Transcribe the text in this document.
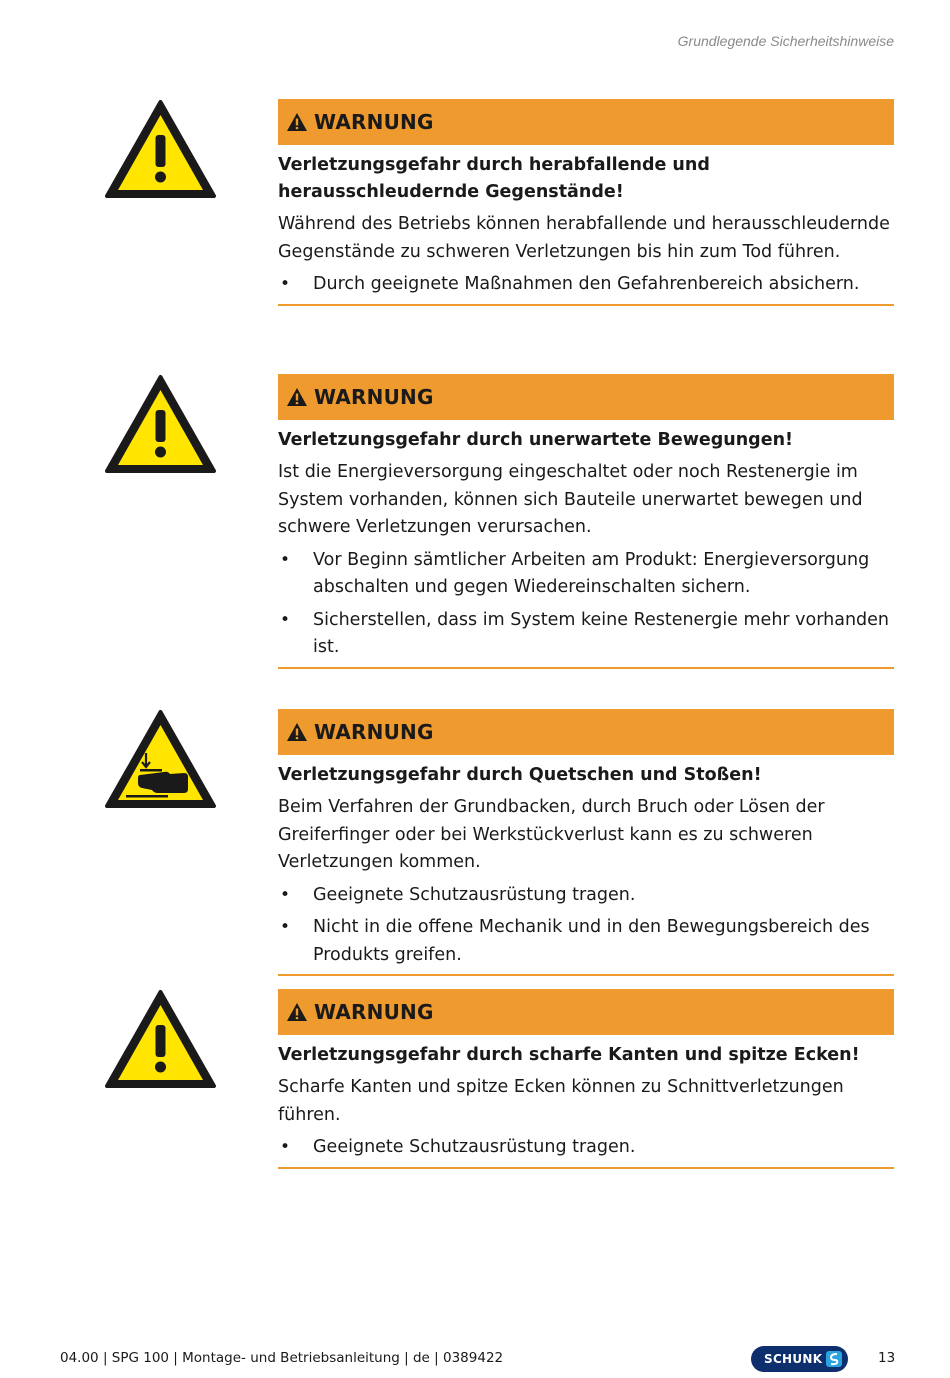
Grundlegende Sicherheitshinweise
WARNUNG
Verletzungsgefahr durch herabfallende und herausschleudernde Gegenstände!
Während des Betriebs können herabfallende und herausschleudernde Gegenstände zu schweren Verletzungen bis hin zum Tod führen.
• Durch geeignete Maßnahmen den Gefahrenbereich absichern.
WARNUNG
Verletzungsgefahr durch unerwartete Bewegungen!
Ist die Energieversorgung eingeschaltet oder noch Restenergie im System vorhanden, können sich Bauteile unerwartet bewegen und schwere Verletzungen verursachen.
• Vor Beginn sämtlicher Arbeiten am Produkt: Energieversorgung abschalten und gegen Wiedereinschalten sichern.
• Sicherstellen, dass im System keine Restenergie mehr vorhanden ist.
WARNUNG
Verletzungsgefahr durch Quetschen und Stoßen!
Beim Verfahren der Grundbacken, durch Bruch oder Lösen der Greiferfinger oder bei Werkstückverlust kann es zu schweren Verletzungen kommen.
• Geeignete Schutzausrüstung tragen.
• Nicht in die offene Mechanik und in den Bewegungsbereich des Produkts greifen.
WARNUNG
Verletzungsgefahr durch scharfe Kanten und spitze Ecken!
Scharfe Kanten und spitze Ecken können zu Schnittverletzungen führen.
• Geeignete Schutzausrüstung tragen.
04.00 | SPG 100 | Montage- und Betriebsanleitung | de | 0389422	SCHUNK	13
